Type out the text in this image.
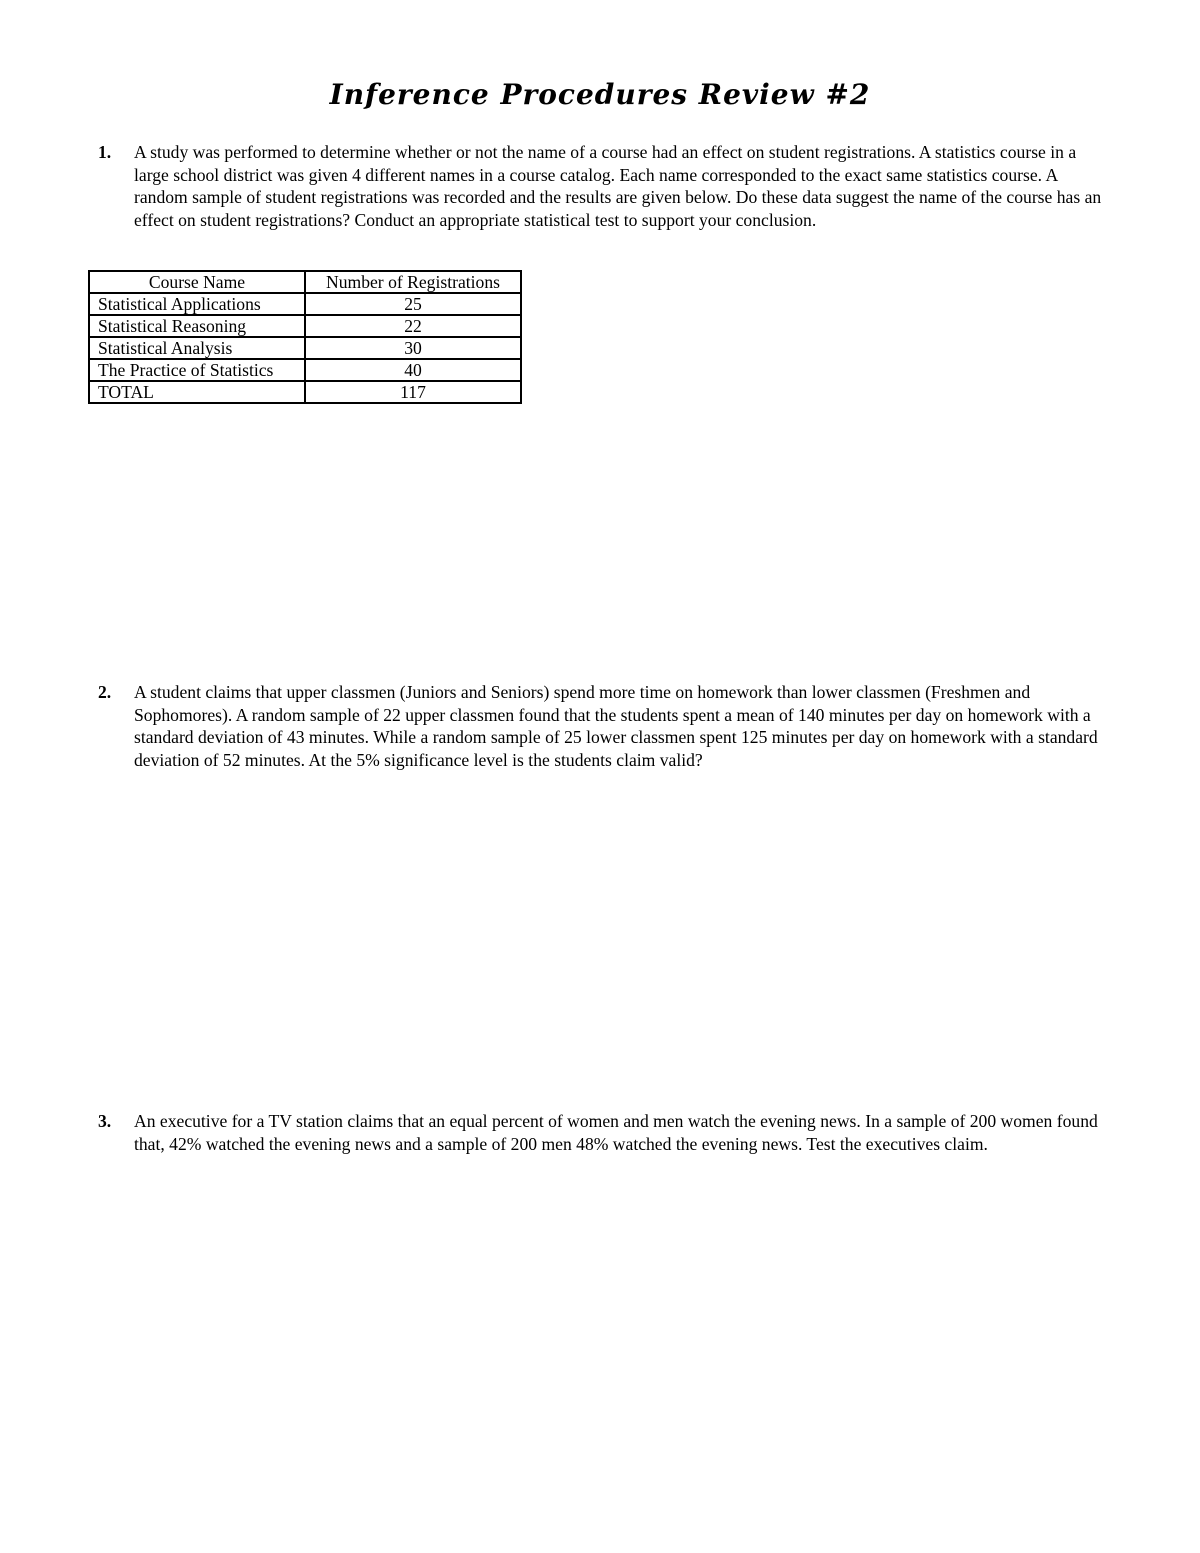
Inference Procedures Review #2
1. A study was performed to determine whether or not the name of a course had an effect on student registrations. A statistics course in a large school district was given 4 different names in a course catalog. Each name corresponded to the exact same statistics course. A random sample of student registrations was recorded and the results are given below. Do these data suggest the name of the course has an effect on student registrations? Conduct an appropriate statistical test to support your conclusion.
Course Name	Number of Registrations
Statistical Applications	25
Statistical Reasoning	22
Statistical Analysis	30
The Practice of Statistics	40
TOTAL	117
2. A student claims that upper classmen (Juniors and Seniors) spend more time on homework than lower classmen (Freshmen and Sophomores). A random sample of 22 upper classmen found that the students spent a mean of 140 minutes per day on homework with a standard deviation of 43 minutes. While a random sample of 25 lower classmen spent 125 minutes per day on homework with a standard deviation of 52 minutes. At the 5% significance level is the students claim valid?
3. An executive for a TV station claims that an equal percent of women and men watch the evening news. In a sample of 200 women found that, 42% watched the evening news and a sample of 200 men 48% watched the evening news. Test the executives claim.
